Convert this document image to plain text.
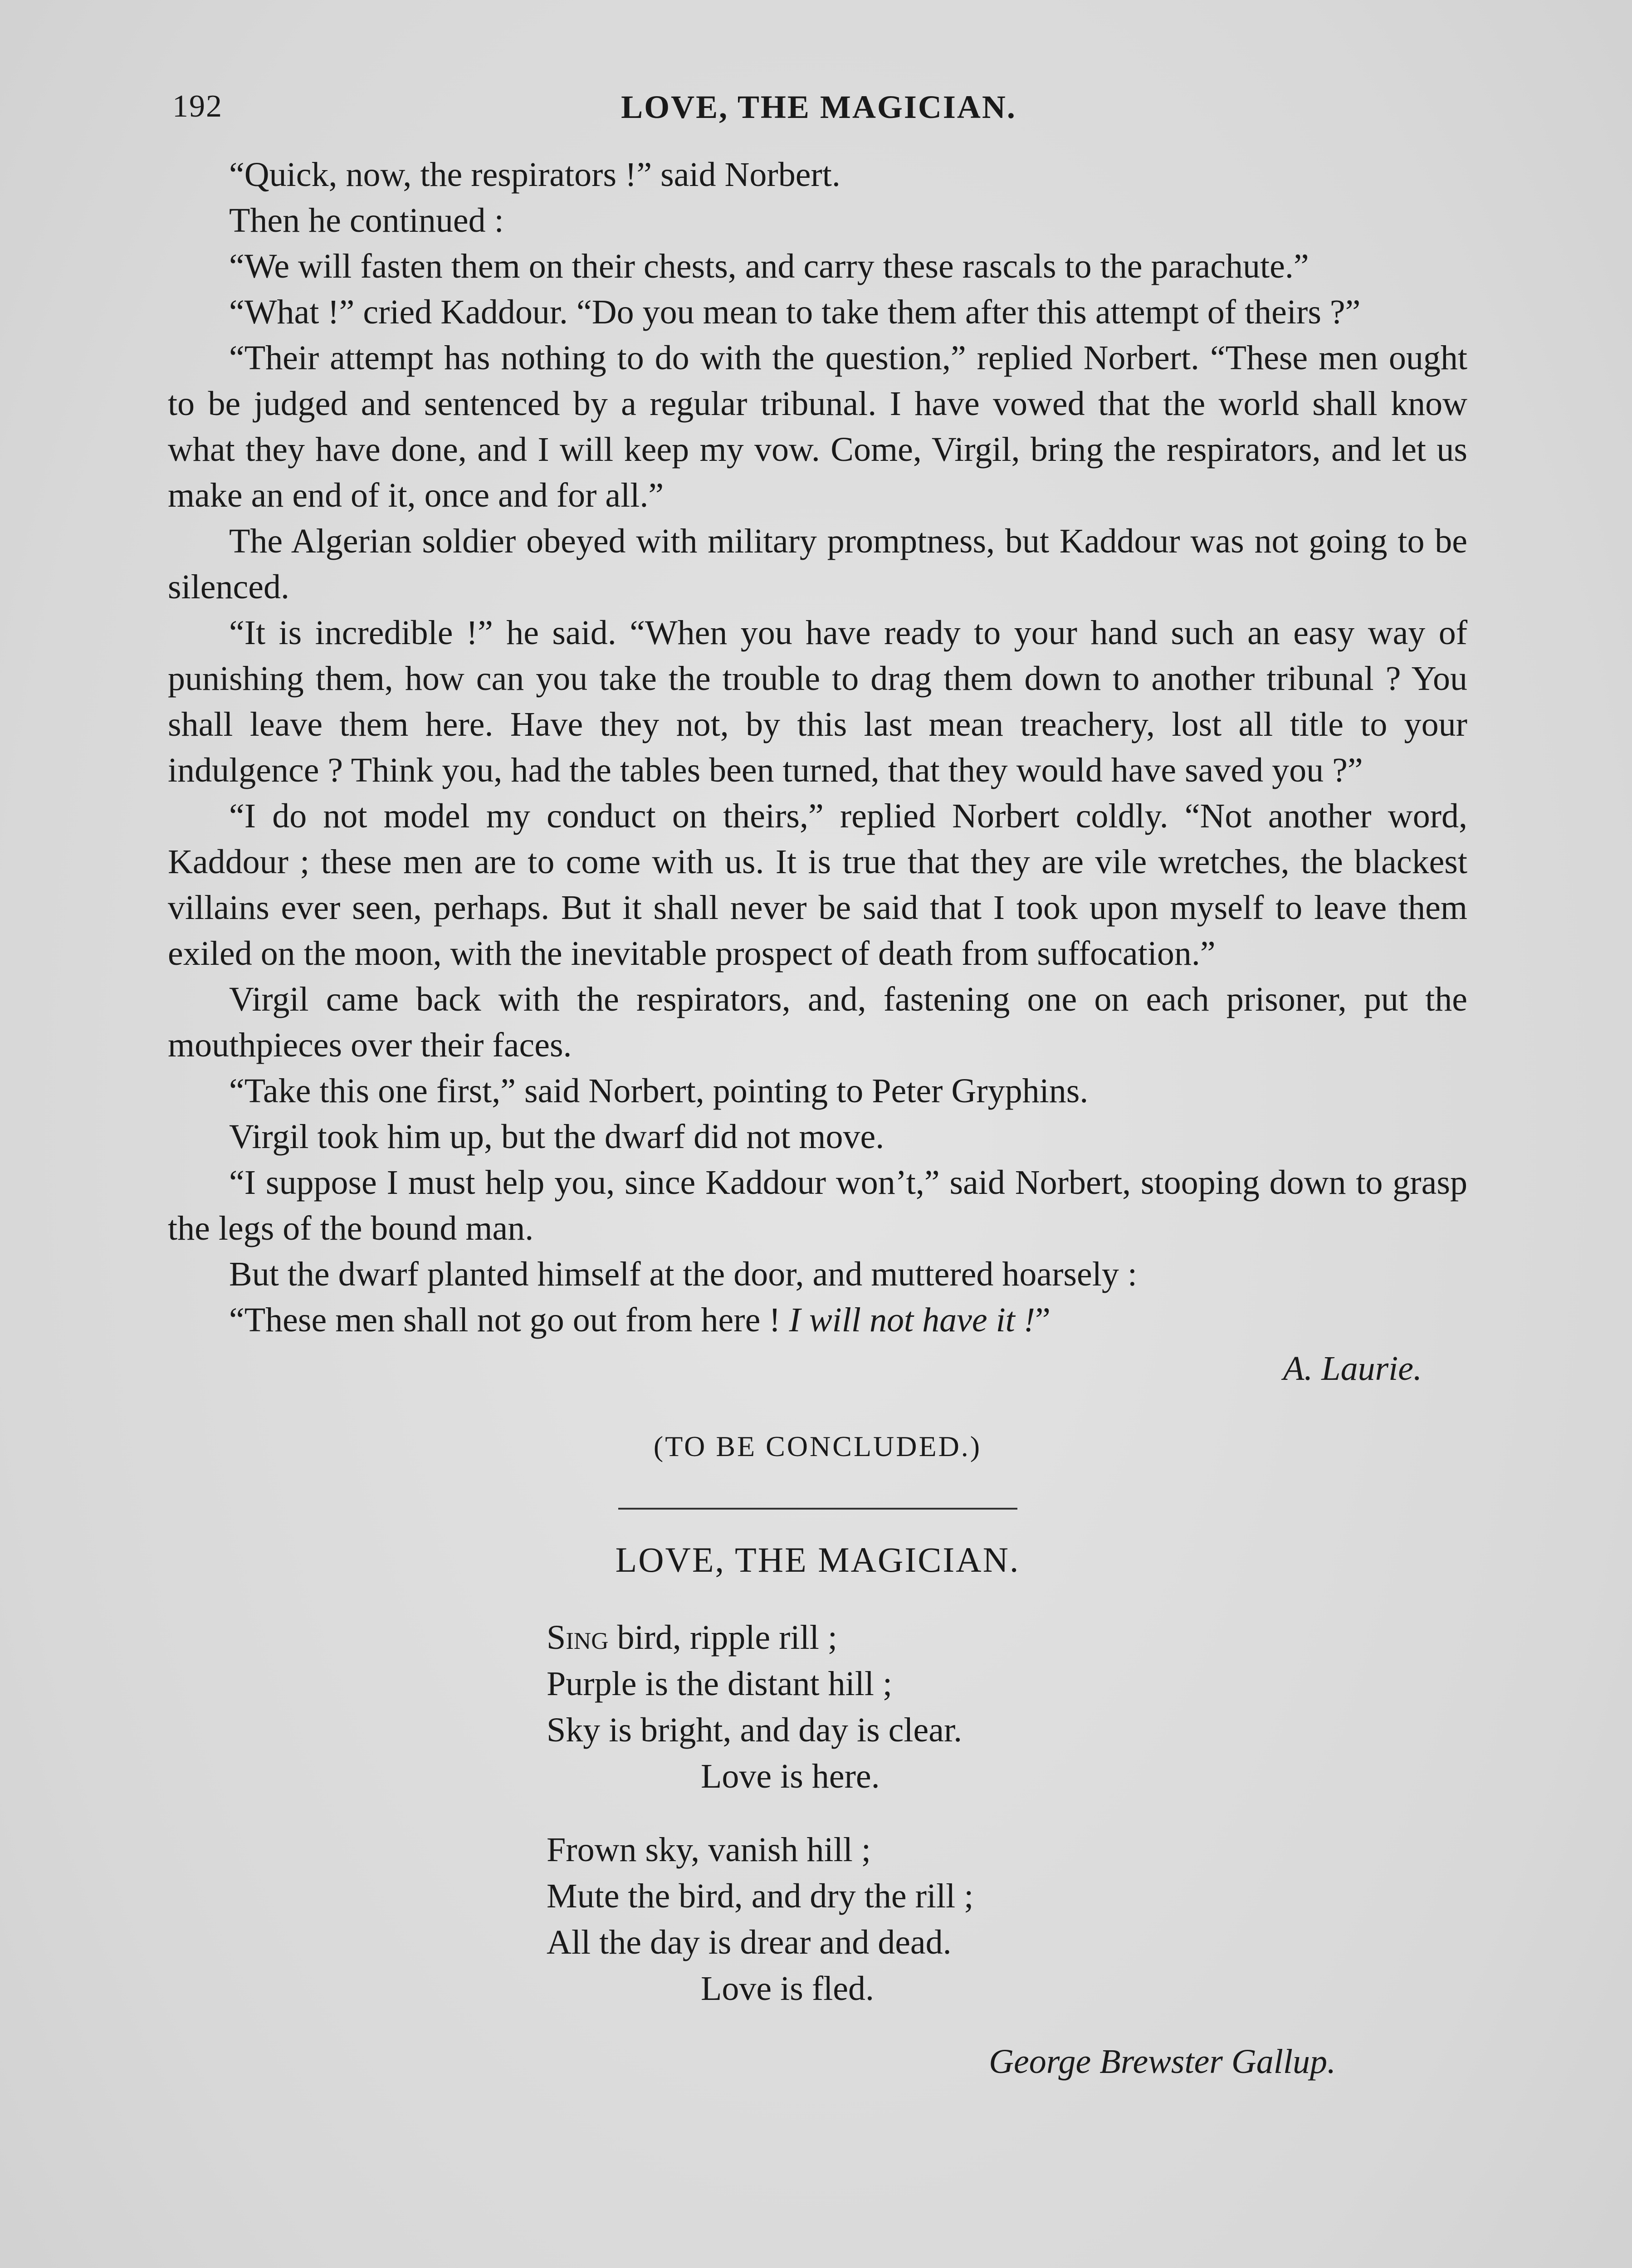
192	LOVE, THE MAGICIAN.

“Quick, now, the respirators !” said Norbert.

Then he continued :

“We will fasten them on their chests, and carry these rascals to the parachute.”

“What !” cried Kaddour. “Do you mean to take them after this attempt of theirs ?”

“Their attempt has nothing to do with the question,” replied Norbert. “These men ought to be judged and sentenced by a regular tribunal. I have vowed that the world shall know what they have done, and I will keep my vow. Come, Virgil, bring the respirators, and let us make an end of it, once and for all.”

The Algerian soldier obeyed with military promptness, but Kaddour was not going to be silenced.

“It is incredible !” he said. “When you have ready to your hand such an easy way of punishing them, how can you take the trouble to drag them down to another tribunal ? You shall leave them here. Have they not, by this last mean treachery, lost all title to your indulgence ? Think you, had the tables been turned, that they would have saved you ?”

“I do not model my conduct on theirs,” replied Norbert coldly. “Not another word, Kaddour ; these men are to come with us. It is true that they are vile wretches, the blackest villains ever seen, perhaps. But it shall never be said that I took upon myself to leave them exiled on the moon, with the inevitable prospect of death from suffocation.”

Virgil came back with the respirators, and, fastening one on each prisoner, put the mouthpieces over their faces.

“Take this one first,” said Norbert, pointing to Peter Gryphins.

Virgil took him up, but the dwarf did not move.

“I suppose I must help you, since Kaddour won’t,” said Norbert, stooping down to grasp the legs of the bound man.

But the dwarf planted himself at the door, and muttered hoarsely :

“These men shall not go out from here ! I will not have it !”

A. Laurie.

(TO BE CONCLUDED.)

LOVE, THE MAGICIAN.
Sing bird, ripple rill ;
Purple is the distant hill ;
Sky is bright, and day is clear.
Love is here.
Frown sky, vanish hill ;
Mute the bird, and dry the rill ;
All the day is drear and dead.
Love is fled.
George Brewster Gallup.
